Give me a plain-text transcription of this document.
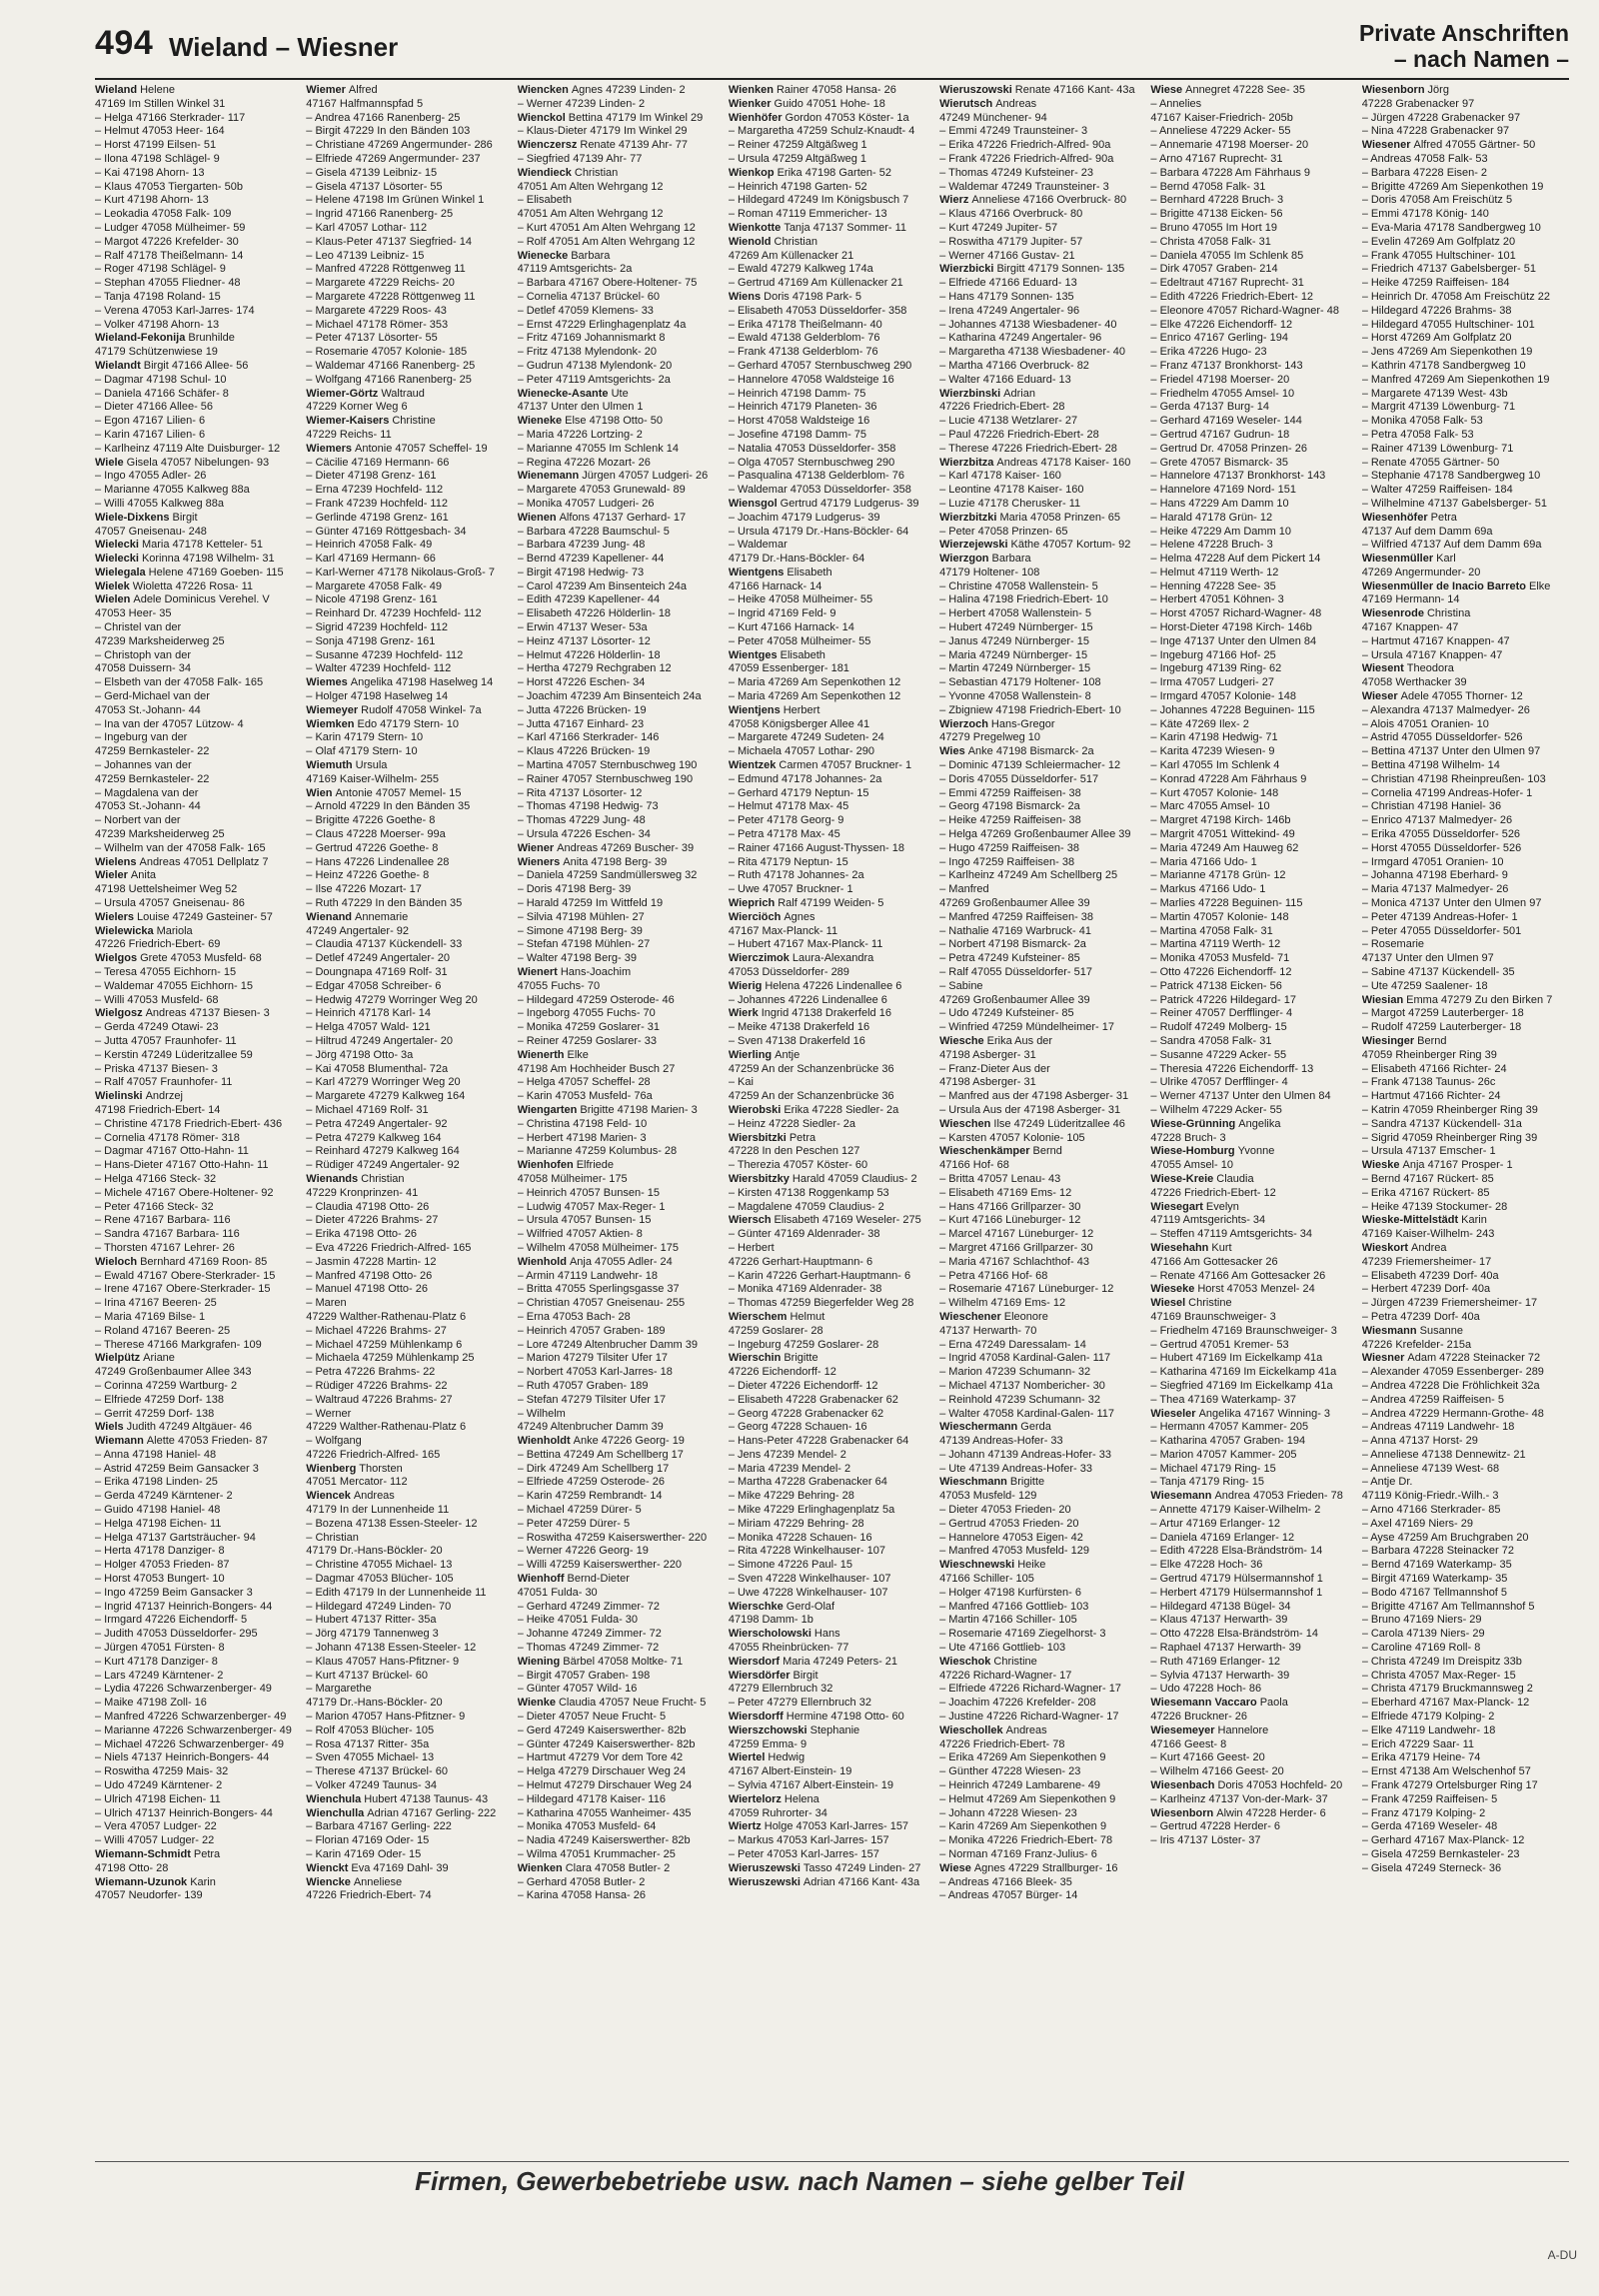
494 Wieland – Wiesner	Private Anschriften
– nach Namen –
Wieland Helene
47169 Im Stillen Winkel 31
– Helga 47166 Sterkrader- 117
– Helmut 47053 Heer- 164
– Horst 47199 Eilsen- 51
– Ilona 47198 Schlägel- 9
– Kai 47198 Ahorn- 13
– Klaus 47053 Tiergarten- 50b
– Kurt 47198 Ahorn- 13
– Leokadia 47058 Falk- 109
– Ludger 47058 Mülheimer- 59
– Margot 47226 Krefelder- 30
– Ralf 47178 Theißelmann- 14
– Roger 47198 Schlägel- 9
– Stephan 47055 Fliedner- 48
– Tanja 47198 Roland- 15
– Verena 47053 Karl-Jarres- 174
– Volker 47198 Ahorn- 13
Wieland-Fekonija Brunhilde
47179 Schützenwiese 19
Wielandt Birgit 47166 Allee- 56
– Dagmar 47198 Schul- 10
– Daniela 47166 Schäfer- 8
– Dieter 47166 Allee- 56
– Egon 47167 Lilien- 6
– Karin 47167 Lilien- 6
– Karlheinz 47119 Alte Duisburger- 12
Wiele Gisela 47057 Nibelungen- 93
– Ingo 47055 Adler- 26
– Marianne 47055 Kalkweg 88a
– Willi 47055 Kalkweg 88a
Wiele-Dixkens Birgit
47057 Gneisenau- 248
Wielecki Maria 47178 Ketteler- 51
Wielecki Korinna 47198 Wilhelm- 31
Wielegala Helene 47169 Goeben- 115
Wielek Wioletta 47226 Rosa- 11
Wielen Adele Dominicus Verehel. V
47053 Heer- 35
– Christel van der
47239 Marksheiderweg 25
– Christoph van der
47058 Duissern- 34
– Elsbeth van der 47058 Falk- 165
– Gerd-Michael van der
47053 St.-Johann- 44
– Ina van der 47057 Lützow- 4
– Ingeburg van der
47259 Bernkasteler- 22
– Johannes van der
47259 Bernkasteler- 22
– Magdalena van der
47053 St.-Johann- 44
– Norbert van der
47239 Marksheiderweg 25
– Wilhelm van der 47058 Falk- 165
Wielens Andreas 47051 Dellplatz 7
Wieler Anita
47198 Uettelsheimer Weg 52
– Ursula 47057 Gneisenau- 86
Wielers Louise 47249 Gasteiner- 57
Wielewicka Mariola
47226 Friedrich-Ebert- 69
Wielgos Grete 47053 Musfeld- 68
– Teresa 47055 Eichhorn- 15
– Waldemar 47055 Eichhorn- 15
– Willi 47053 Musfeld- 68
Wielgosz Andreas 47137 Biesen- 3
– Gerda 47249 Otawi- 23
– Jutta 47057 Fraunhofer- 11
– Kerstin 47249 Lüderitzallee 59
– Priska 47137 Biesen- 3
– Ralf 47057 Fraunhofer- 11
Wielinski Andrzej
47198 Friedrich-Ebert- 14
– Christine 47178 Friedrich-Ebert- 436
– Cornelia 47178 Römer- 318
– Dagmar 47167 Otto-Hahn- 11
– Hans-Dieter 47167 Otto-Hahn- 11
– Helga 47166 Steck- 32
– Michele 47167 Obere-Holtener- 92
– Peter 47166 Steck- 32
– Rene 47167 Barbara- 116
– Sandra 47167 Barbara- 116
– Thorsten 47167 Lehrer- 26
Wieloch Bernhard 47169 Roon- 85
– Ewald 47167 Obere-Sterkrader- 15
– Irene 47167 Obere-Sterkrader- 15
– Irina 47167 Beeren- 25
– Maria 47169 Bilse- 1
– Roland 47167 Beeren- 25
– Therese 47166 Markgrafen- 109
Wielpütz Ariane
47249 Großenbaumer Allee 343
– Corinna 47259 Wartburg- 2
– Elfriede 47259 Dorf- 138
– Gerrit 47259 Dorf- 138
Wiels Judith 47249 Altgäuer- 46
Wiemann Alette 47053 Frieden- 87
– Anna 47198 Haniel- 48
– Astrid 47259 Beim Gansacker 3
– Erika 47198 Linden- 25
– Gerda 47249 Kärntener- 2
– Guido 47198 Haniel- 48
– Helga 47198 Eichen- 11
– Helga 47137 Gartsträucher- 94
– Herta 47178 Danziger- 8
– Holger 47053 Frieden- 87
– Horst 47053 Bungert- 10
– Ingo 47259 Beim Gansacker 3
– Ingrid 47137 Heinrich-Bongers- 44
– Irmgard 47226 Eichendorff- 5
– Judith 47053 Düsseldorfer- 295
– Jürgen 47051 Fürsten- 8
– Kurt 47178 Danziger- 8
– Lars 47249 Kärntener- 2
– Lydia 47226 Schwarzenberger- 49
– Maike 47198 Zoll- 16
– Manfred 47226 Schwarzenberger- 49
– Marianne 47226 Schwarzenberger- 49
– Michael 47226 Schwarzenberger- 49
– Niels 47137 Heinrich-Bongers- 44
– Roswitha 47259 Mais- 32
– Udo 47249 Kärntener- 2
– Ulrich 47198 Eichen- 11
– Ulrich 47137 Heinrich-Bongers- 44
– Vera 47057 Ludger- 22
– Willi 47057 Ludger- 22
Wiemann-Schmidt Petra
47198 Otto- 28
Wiemann-Uzunok Karin
47057 Neudorfer- 139
Wiemer Alfred
47167 Halfmannspfad 5
– Andrea 47166 Ranenberg- 25
– Birgit 47229 In den Bänden 103
– Christiane 47269 Angermunder- 286
– Elfriede 47269 Angermunder- 237
– Gisela 47139 Leibniz- 15
– Gisela 47137 Lösorter- 55
– Helene 47198 Im Grünen Winkel 1
– Ingrid 47166 Ranenberg- 25
– Karl 47057 Lothar- 112
– Klaus-Peter 47137 Siegfried- 14
– Leo 47139 Leibniz- 15
– Manfred 47228 Röttgenweg 11
– Margarete 47229 Reichs- 20
– Margarete 47228 Röttgenweg 11
– Margarete 47229 Roos- 43
– Michael 47178 Römer- 353
– Peter 47137 Lösorter- 55
– Rosemarie 47057 Kolonie- 185
– Waldemar 47166 Ranenberg- 25
– Wolfgang 47166 Ranenberg- 25
Wiemer-Görtz Waltraud
47229 Korner Weg 6
Wiemer-Kaisers Christine
47229 Reichs- 11
Wiemers Antonie 47057 Scheffel- 19
– Cäcilie 47169 Hermann- 66
– Dieter 47198 Grenz- 161
– Erna 47239 Hochfeld- 112
– Frank 47239 Hochfeld- 112
– Gerlinde 47198 Grenz- 161
– Günter 47169 Röttgesbach- 34
– Heinrich 47058 Falk- 49
– Karl 47169 Hermann- 66
– Karl-Werner 47178 Nikolaus-Groß- 7
– Margarete 47058 Falk- 49
– Nicole 47198 Grenz- 161
– Reinhard Dr. 47239 Hochfeld- 112
– Sigrid 47239 Hochfeld- 112
– Sonja 47198 Grenz- 161
– Susanne 47239 Hochfeld- 112
– Walter 47239 Hochfeld- 112
Wiemes Angelika 47198 Haselweg 14
– Holger 47198 Haselweg 14
Wiemeyer Rudolf 47058 Winkel- 7a
Wiemken Edo 47179 Stern- 10
– Karin 47179 Stern- 10
– Olaf 47179 Stern- 10
Wiemuth Ursula
47169 Kaiser-Wilhelm- 255
Wien Antonie 47057 Memel- 15
– Arnold 47229 In den Bänden 35
– Brigitte 47226 Goethe- 8
– Claus 47228 Moerser- 99a
– Gertrud 47226 Goethe- 8
– Hans 47226 Lindenallee 28
– Heinz 47226 Goethe- 8
– Ilse 47226 Mozart- 17
– Ruth 47229 In den Bänden 35
Wienand Annemarie
47249 Angertaler- 92
– Claudia 47137 Kückendell- 33
– Detlef 47249 Angertaler- 20
– Doungnapa 47169 Rolf- 31
– Edgar 47058 Schreiber- 6
– Hedwig 47279 Worringer Weg 20
– Heinrich 47178 Karl- 14
– Helga 47057 Wald- 121
– Hiltrud 47249 Angertaler- 20
– Jörg 47198 Otto- 3a
– Kai 47058 Blumenthal- 72a
– Karl 47279 Worringer Weg 20
– Margarete 47279 Kalkweg 164
– Michael 47169 Rolf- 31
– Petra 47249 Angertaler- 92
– Petra 47279 Kalkweg 164
– Reinhard 47279 Kalkweg 164
– Rüdiger 47249 Angertaler- 92
Wienands Christian
47229 Kronprinzen- 41
– Claudia 47198 Otto- 26
– Dieter 47226 Brahms- 27
– Erika 47198 Otto- 26
– Eva 47226 Friedrich-Alfred- 165
– Jasmin 47228 Martin- 12
– Manfred 47198 Otto- 26
– Manuel 47198 Otto- 26
– Maren
47229 Walther-Rathenau-Platz 6
– Michael 47226 Brahms- 27
– Michael 47259 Mühlenkamp 6
– Michaela 47259 Mühlenkamp 25
– Petra 47226 Brahms- 22
– Rüdiger 47226 Brahms- 22
– Waltraud 47226 Brahms- 27
– Werner
47229 Walther-Rathenau-Platz 6
– Wolfgang
47226 Friedrich-Alfred- 165
Wienberg Thorsten
47051 Mercator- 112
Wiencek Andreas
47179 In der Lunnenheide 11
– Bozena 47138 Essen-Steeler- 12
– Christian
47179 Dr.-Hans-Böckler- 20
– Christine 47055 Michael- 13
– Dagmar 47053 Blücher- 105
– Edith 47179 In der Lunnenheide 11
– Hildegard 47249 Linden- 70
– Hubert 47137 Ritter- 35a
– Jörg 47179 Tannenweg 3
– Johann 47138 Essen-Steeler- 12
– Klaus 47057 Hans-Pfitzner- 9
– Kurt 47137 Brückel- 60
– Margarethe
47179 Dr.-Hans-Böckler- 20
– Marion 47057 Hans-Pfitzner- 9
– Rolf 47053 Blücher- 105
– Rosa 47137 Ritter- 35a
– Sven 47055 Michael- 13
– Therese 47137 Brückel- 60
– Volker 47249 Taunus- 34
Wienchula Hubert 47138 Taunus- 43
Wienchulla Adrian 47167 Gerling- 222
– Barbara 47167 Gerling- 222
– Florian 47169 Oder- 15
– Karin 47169 Oder- 15
Wienckt Eva 47169 Dahl- 39
Wiencke Anneliese
47226 Friedrich-Ebert- 74
Wiencken Agnes 47239 Linden- 2
– Werner 47239 Linden- 2
Wienckol Bettina 47179 Im Winkel 29
– Klaus-Dieter 47179 Im Winkel 29
Wienczersz Renate 47139 Ahr- 77
– Siegfried 47139 Ahr- 77
Wiendieck Christian
47051 Am Alten Wehrgang 12
– Elisabeth
47051 Am Alten Wehrgang 12
– Kurt 47051 Am Alten Wehrgang 12
– Rolf 47051 Am Alten Wehrgang 12
Wienecke Barbara
47119 Amtsgerichts- 2a
– Barbara 47167 Obere-Holtener- 75
– Cornelia 47137 Brückel- 60
– Detlef 47059 Klemens- 33
– Ernst 47229 Erlinghagenplatz 4a
– Fritz 47169 Johannismarkt 8
– Fritz 47138 Mylendonk- 20
– Gudrun 47138 Mylendonk- 20
– Peter 47119 Amtsgerichts- 2a
Wienecke-Asante Ute
47137 Unter den Ulmen 1
Wieneke Else 47198 Otto- 50
– Maria 47226 Lortzing- 2
– Marianne 47055 Im Schlenk 14
– Regina 47226 Mozart- 26
Wienemann Jürgen 47057 Ludgeri- 26
– Margarete 47053 Grunewald- 89
– Monika 47057 Ludgeri- 26
Wienen Alfons 47137 Gerhard- 17
– Barbara 47228 Baumschul- 5
– Barbara 47239 Jung- 48
– Bernd 47239 Kapellener- 44
– Birgit 47198 Hedwig- 73
– Carol 47239 Am Binsenteich 24a
– Edith 47239 Kapellener- 44
– Elisabeth 47226 Hölderlin- 18
– Erwin 47137 Weser- 53a
– Heinz 47137 Lösorter- 12
– Helmut 47226 Hölderlin- 18
– Hertha 47279 Rechgraben 12
– Horst 47226 Eschen- 34
– Joachim 47239 Am Binsenteich 24a
– Jutta 47226 Brücken- 19
– Jutta 47167 Einhard- 23
– Karl 47166 Sterkrader- 146
– Klaus 47226 Brücken- 19
– Martina 47057 Sternbuschweg 190
– Rainer 47057 Sternbuschweg 190
– Rita 47137 Lösorter- 12
– Thomas 47198 Hedwig- 73
– Thomas 47229 Jung- 48
– Ursula 47226 Eschen- 34
Wiener Andreas 47269 Buscher- 39
Wieners Anita 47198 Berg- 39
– Daniela 47259 Sandmüllersweg 32
– Doris 47198 Berg- 39
– Harald 47259 Im Wittfeld 19
– Silvia 47198 Mühlen- 27
– Simone 47198 Berg- 39
– Stefan 47198 Mühlen- 27
– Walter 47198 Berg- 39
Wienert Hans-Joachim
47055 Fuchs- 70
– Hildegard 47259 Osterode- 46
– Ingeborg 47055 Fuchs- 70
– Monika 47259 Goslarer- 31
– Reiner 47259 Goslarer- 33
Wienerth Elke
47198 Am Hochheider Busch 27
– Helga 47057 Scheffel- 28
– Karin 47053 Musfeld- 76a
Wiengarten Brigitte 47198 Marien- 3
– Christina 47198 Feld- 10
– Herbert 47198 Marien- 3
– Marianne 47259 Kolumbus- 28
Wienhofen Elfriede
47058 Mülheimer- 175
– Heinrich 47057 Bunsen- 15
– Ludwig 47057 Max-Reger- 1
– Ursula 47057 Bunsen- 15
– Wilfried 47057 Aktien- 8
– Wilhelm 47058 Mülheimer- 175
Wienhold Anja 47055 Adler- 24
– Armin 47119 Landwehr- 18
– Britta 47055 Sperlingsgasse 37
– Christian 47057 Gneisenau- 255
– Erna 47053 Bach- 28
– Heinrich 47057 Graben- 189
– Lore 47249 Altenbrucher Damm 39
– Marion 47279 Tilsiter Ufer 17
– Norbert 47053 Karl-Jarres- 18
– Ruth 47057 Graben- 189
– Stefan 47279 Tilsiter Ufer 17
– Wilhelm
47249 Altenbrucher Damm 39
Wienholdt Anke 47226 Georg- 19
– Bettina 47249 Am Schellberg 17
– Dirk 47249 Am Schellberg 17
– Elfriede 47259 Osterode- 26
– Karin 47259 Rembrandt- 14
– Michael 47259 Dürer- 5
– Peter 47259 Dürer- 5
– Roswitha 47259 Kaiserswerther- 220
– Werner 47226 Georg- 19
– Willi 47259 Kaiserswerther- 220
Wienhoff Bernd-Dieter
47051 Fulda- 30
– Gerhard 47249 Zimmer- 72
– Heike 47051 Fulda- 30
– Johanne 47249 Zimmer- 72
– Thomas 47249 Zimmer- 72
Wiening Bärbel 47058 Moltke- 71
– Birgit 47057 Graben- 198
– Günter 47057 Wild- 16
Wienke Claudia 47057 Neue Frucht- 5
– Dieter 47057 Neue Frucht- 5
– Gerd 47249 Kaiserswerther- 82b
– Günter 47249 Kaiserswerther- 82b
– Hartmut 47279 Vor dem Tore 42
– Helga 47279 Dirschauer Weg 24
– Helmut 47279 Dirschauer Weg 24
– Hildegard 47178 Kaiser- 116
– Katharina 47055 Wanheimer- 435
– Monika 47053 Musfeld- 64
– Nadia 47249 Kaiserswerther- 82b
– Wilma 47051 Krummacher- 25
Wienken Clara 47058 Butler- 2
– Gerhard 47058 Butler- 2
– Karina 47058 Hansa- 26
Wienken Rainer 47058 Hansa- 26
Wienker Guido 47051 Hohe- 18
Wienhöfer Gordon 47053 Köster- 1a
– Margaretha 47259 Schulz-Knaudt- 4
– Reiner 47259 Altgäßweg 1
– Ursula 47259 Altgäßweg 1
Wienkop Erika 47198 Garten- 52
– Heinrich 47198 Garten- 52
– Hildegard 47249 Im Königsbusch 7
– Roman 47119 Emmericher- 13
Wienkotte Tanja 47137 Sommer- 11
Wienold Christian
47269 Am Küllenacker 21
– Ewald 47279 Kalkweg 174a
– Gertrud 47169 Am Küllenacker 21
Wiens Doris 47198 Park- 5
– Elisabeth 47053 Düsseldorfer- 358
– Erika 47178 Theißelmann- 40
– Ewald 47138 Gelderblom- 76
– Frank 47138 Gelderblom- 76
– Gerhard 47057 Sternbuschweg 290
– Hannelore 47058 Waldsteige 16
– Heinrich 47198 Damm- 75
– Heinrich 47179 Planeten- 36
– Horst 47058 Waldsteige 16
– Josefine 47198 Damm- 75
– Natalia 47053 Düsseldorfer- 358
– Olga 47057 Sternbuschweg 290
– Pasqualina 47138 Gelderblom- 76
– Waldemar 47053 Düsseldorfer- 358
Wiensgol Gertrud 47179 Ludgerus- 39
– Joachim 47179 Ludgerus- 39
– Ursula 47179 Dr.-Hans-Böckler- 64
– Waldemar
47179 Dr.-Hans-Böckler- 64
Wientgens Elisabeth
47166 Harnack- 14
– Heike 47058 Mülheimer- 55
– Ingrid 47169 Feld- 9
– Kurt 47166 Harnack- 14
– Peter 47058 Mülheimer- 55
Wientges Elisabeth
47059 Essenberger- 181
– Maria 47269 Am Sepenkothen 12
– Maria 47269 Am Sepenkothen 12
Wientjens Herbert
47058 Königsberger Allee 41
– Margarete 47249 Sudeten- 24
– Michaela 47057 Lothar- 290
Wientzek Carmen 47057 Bruckner- 1
– Edmund 47178 Johannes- 2a
– Gerhard 47179 Neptun- 15
– Helmut 47178 Max- 45
– Peter 47178 Georg- 9
– Petra 47178 Max- 45
– Rainer 47166 August-Thyssen- 18
– Rita 47179 Neptun- 15
– Ruth 47178 Johannes- 2a
– Uwe 47057 Bruckner- 1
Wieprich Ralf 47199 Weiden- 5
Wierciöch Agnes
47167 Max-Planck- 11
– Hubert 47167 Max-Planck- 11
Wierczimok Laura-Alexandra
47053 Düsseldorfer- 289
Wierig Helena 47226 Lindenallee 6
– Johannes 47226 Lindenallee 6
Wierk Ingrid 47138 Drakerfeld 16
– Meike 47138 Drakerfeld 16
– Sven 47138 Drakerfeld 16
Wierling Antje
47259 An der Schanzenbrücke 36
– Kai
47259 An der Schanzenbrücke 36
Wierobski Erika 47228 Siedler- 2a
– Heinz 47228 Siedler- 2a
Wiersbitzki Petra
47228 In den Peschen 127
– Therezia 47057 Köster- 60
Wiersbitzky Harald 47059 Claudius- 2
– Kirsten 47138 Roggenkamp 53
– Magdalene 47059 Claudius- 2
Wiersch Elisabeth 47169 Weseler- 275
– Günter 47169 Aldenrader- 38
– Herbert
47226 Gerhart-Hauptmann- 6
– Karin 47226 Gerhart-Hauptmann- 6
– Monika 47169 Aldenrader- 38
– Thomas 47259 Biegerfelder Weg 28
Wierschem Helmut
47259 Goslarer- 28
– Ingeburg 47259 Goslarer- 28
Wierschin Brigitte
47226 Eichendorff- 12
– Dieter 47226 Eichendorff- 12
– Elisabeth 47228 Grabenacker 62
– Georg 47228 Grabenacker 62
– Georg 47228 Schauen- 16
– Hans-Peter 47228 Grabenacker 64
– Jens 47239 Mendel- 2
– Maria 47239 Mendel- 2
– Martha 47228 Grabenacker 64
– Mike 47229 Behring- 28
– Mike 47229 Erlinghagenplatz 5a
– Miriam 47229 Behring- 28
– Monika 47228 Schauen- 16
– Rita 47228 Winkelhauser- 107
– Simone 47226 Paul- 15
– Sven 47228 Winkelhauser- 107
– Uwe 47228 Winkelhauser- 107
Wierschke Gerd-Olaf
47198 Damm- 1b
Wierscholowski Hans
47055 Rheinbrücken- 77
Wiersdorf Maria 47249 Peters- 21
Wiersdörfer Birgit
47279 Ellernbruch 32
– Peter 47279 Ellernbruch 32
Wiersdorff Hermine 47198 Otto- 60
Wierszchowski Stephanie
47259 Emma- 9
Wiertel Hedwig
47167 Albert-Einstein- 19
– Sylvia 47167 Albert-Einstein- 19
Wiertelorz Helena
47059 Ruhrorter- 34
Wiertz Holge 47053 Karl-Jarres- 157
– Markus 47053 Karl-Jarres- 157
– Peter 47053 Karl-Jarres- 157
Wieruszewski Tasso 47249 Linden- 27
Wieruszewski Adrian 47166 Kant- 43a
Wieruszowski Renate 47166 Kant- 43a
Wierutsch Andreas
47249 Münchener- 94
– Emmi 47249 Traunsteiner- 3
– Erika 47226 Friedrich-Alfred- 90a
– Frank 47226 Friedrich-Alfred- 90a
– Thomas 47249 Kufsteiner- 23
– Waldemar 47249 Traunsteiner- 3
Wierz Anneliese 47166 Overbruck- 80
– Klaus 47166 Overbruck- 80
– Kurt 47249 Jupiter- 57
– Roswitha 47179 Jupiter- 57
– Werner 47166 Gustav- 21
Wierzbicki Birgitt 47179 Sonnen- 135
– Elfriede 47166 Eduard- 13
– Hans 47179 Sonnen- 135
– Irena 47249 Angertaler- 96
– Johannes 47138 Wiesbadener- 40
– Katharina 47249 Angertaler- 96
– Margaretha 47138 Wiesbadener- 40
– Martha 47166 Overbruck- 82
– Walter 47166 Eduard- 13
Wierzbinski Adrian
47226 Friedrich-Ebert- 28
– Lucie 47138 Wetzlarer- 27
– Paul 47226 Friedrich-Ebert- 28
– Therese 47226 Friedrich-Ebert- 28
Wierzbitza Andreas 47178 Kaiser- 160
– Karl 47178 Kaiser- 160
– Leontine 47178 Kaiser- 160
– Luzie 47178 Cherusker- 11
Wierzbitzki Maria 47058 Prinzen- 65
– Peter 47058 Prinzen- 65
Wierzejewski Käthe 47057 Kortum- 92
Wierzgon Barbara
47179 Holtener- 108
– Christine 47058 Wallenstein- 5
– Halina 47198 Friedrich-Ebert- 10
– Herbert 47058 Wallenstein- 5
– Hubert 47249 Nürnberger- 15
– Janus 47249 Nürnberger- 15
– Maria 47249 Nürnberger- 15
– Martin 47249 Nürnberger- 15
– Sebastian 47179 Holtener- 108
– Yvonne 47058 Wallenstein- 8
– Zbigniew 47198 Friedrich-Ebert- 10
Wierzoch Hans-Gregor
47279 Pregelweg 10
Wies Anke 47198 Bismarck- 2a
– Dominic 47139 Schleiermacher- 12
– Doris 47055 Düsseldorfer- 517
– Emmi 47259 Raiffeisen- 38
– Georg 47198 Bismarck- 2a
– Heike 47259 Raiffeisen- 38
– Helga 47269 Großenbaumer Allee 39
– Hugo 47259 Raiffeisen- 38
– Ingo 47259 Raiffeisen- 38
– Karlheinz 47249 Am Schellberg 25
– Manfred
47269 Großenbaumer Allee 39
– Manfred 47259 Raiffeisen- 38
– Nathalie 47169 Warbruck- 41
– Norbert 47198 Bismarck- 2a
– Petra 47249 Kufsteiner- 85
– Ralf 47055 Düsseldorfer- 517
– Sabine
47269 Großenbaumer Allee 39
– Udo 47249 Kufsteiner- 85
– Winfried 47259 Mündelheimer- 17
Wiesche Erika Aus der
47198 Asberger- 31
– Franz-Dieter Aus der
47198 Asberger- 31
– Manfred aus der 47198 Asberger- 31
– Ursula Aus der 47198 Asberger- 31
Wieschen Ilse 47249 Lüderitzallee 46
– Karsten 47057 Kolonie- 105
Wieschenkämper Bernd
47166 Hof- 68
– Britta 47057 Lenau- 43
– Elisabeth 47169 Ems- 12
– Hans 47166 Grillparzer- 30
– Kurt 47166 Lüneburger- 12
– Marcel 47167 Lüneburger- 12
– Margret 47166 Grillparzer- 30
– Maria 47167 Schlachthof- 43
– Petra 47166 Hof- 68
– Rosemarie 47167 Lüneburger- 12
– Wilhelm 47169 Ems- 12
Wieschener Eleonore
47137 Herwarth- 70
– Erna 47249 Daressalam- 14
– Ingrid 47058 Kardinal-Galen- 117
– Marion 47239 Schumann- 32
– Michael 47137 Nombericher- 30
– Reinhold 47239 Schumann- 32
– Walter 47058 Kardinal-Galen- 117
Wieschermann Gerda
47139 Andreas-Hofer- 33
– Johann 47139 Andreas-Hofer- 33
– Ute 47139 Andreas-Hofer- 33
Wieschmann Brigitte
47053 Musfeld- 129
– Dieter 47053 Frieden- 20
– Gertrud 47053 Frieden- 20
– Hannelore 47053 Eigen- 42
– Manfred 47053 Musfeld- 129
Wieschnewski Heike
47166 Schiller- 105
– Holger 47198 Kurfürsten- 6
– Manfred 47166 Gottlieb- 103
– Martin 47166 Schiller- 105
– Rosemarie 47169 Ziegelhorst- 3
– Ute 47166 Gottlieb- 103
Wieschok Christine
47226 Richard-Wagner- 17
– Elfriede 47226 Richard-Wagner- 17
– Joachim 47226 Krefelder- 208
– Justine 47226 Richard-Wagner- 17
Wieschollek Andreas
47226 Friedrich-Ebert- 78
– Erika 47269 Am Siepenkothen 9
– Günther 47228 Wiesen- 23
– Heinrich 47249 Lambarene- 49
– Helmut 47269 Am Siepenkothen 9
– Johann 47228 Wiesen- 23
– Karin 47269 Am Siepenkothen 9
– Monika 47226 Friedrich-Ebert- 78
– Norman 47169 Franz-Julius- 6
Wiese Agnes 47229 Strallburger- 16
– Andreas 47166 Bleek- 35
– Andreas 47057 Bürger- 14
Wiese Annegret 47228 See- 35
– Annelies
47167 Kaiser-Friedrich- 205b
– Anneliese 47229 Acker- 55
– Annemarie 47198 Moerser- 20
– Arno 47167 Ruprecht- 31
– Barbara 47228 Am Fährhaus 9
– Bernd 47058 Falk- 31
– Bernhard 47228 Bruch- 3
– Brigitte 47138 Eicken- 56
– Bruno 47055 Im Hort 19
– Christa 47058 Falk- 31
– Daniela 47055 Im Schlenk 85
– Dirk 47057 Graben- 214
– Edeltraut 47167 Ruprecht- 31
– Edith 47226 Friedrich-Ebert- 12
– Eleonore 47057 Richard-Wagner- 48
– Elke 47226 Eichendorff- 12
– Enrico 47167 Gerling- 194
– Erika 47226 Hugo- 23
– Franz 47137 Bronkhorst- 143
– Friedel 47198 Moerser- 20
– Friedhelm 47055 Amsel- 10
– Gerda 47137 Burg- 14
– Gerhard 47169 Weseler- 144
– Gertrud 47167 Gudrun- 18
– Gertrud Dr. 47058 Prinzen- 26
– Grete 47057 Bismarck- 35
– Hannelore 47137 Bronkhorst- 143
– Hannelore 47169 Nord- 151
– Hans 47229 Am Damm 10
– Harald 47178 Grün- 12
– Heike 47229 Am Damm 10
– Helene 47228 Bruch- 3
– Helma 47228 Auf dem Pickert 14
– Helmut 47119 Werth- 12
– Henning 47228 See- 35
– Herbert 47051 Köhnen- 3
– Horst 47057 Richard-Wagner- 48
– Horst-Dieter 47198 Kirch- 146b
– Inge 47137 Unter den Ulmen 84
– Ingeburg 47166 Hof- 25
– Ingeburg 47139 Ring- 62
– Irma 47057 Ludgeri- 27
– Irmgard 47057 Kolonie- 148
– Johannes 47228 Beguinen- 115
– Käte 47269 Ilex- 2
– Karin 47198 Hedwig- 71
– Karita 47239 Wiesen- 9
– Karl 47055 Im Schlenk 4
– Konrad 47228 Am Fährhaus 9
– Kurt 47057 Kolonie- 148
– Marc 47055 Amsel- 10
– Margret 47198 Kirch- 146b
– Margrit 47051 Wittekind- 49
– Maria 47249 Am Hauweg 62
– Maria 47166 Udo- 1
– Marianne 47178 Grün- 12
– Markus 47166 Udo- 1
– Marlies 47228 Beguinen- 115
– Martin 47057 Kolonie- 148
– Martina 47058 Falk- 31
– Martina 47119 Werth- 12
– Monika 47053 Musfeld- 71
– Otto 47226 Eichendorff- 12
– Patrick 47138 Eicken- 56
– Patrick 47226 Hildegard- 17
– Reiner 47057 Derfflinger- 4
– Rudolf 47249 Molberg- 15
– Sandra 47058 Falk- 31
– Susanne 47229 Acker- 55
– Theresia 47226 Eichendorff- 13
– Ulrike 47057 Derfflinger- 4
– Werner 47137 Unter den Ulmen 84
– Wilhelm 47229 Acker- 55
Wiese-Grünning Angelika
47228 Bruch- 3
Wiese-Homburg Yvonne
47055 Amsel- 10
Wiese-Kreie Claudia
47226 Friedrich-Ebert- 12
Wiesegart Evelyn
47119 Amtsgerichts- 34
– Steffen 47119 Amtsgerichts- 34
Wiesehahn Kurt
47166 Am Gottesacker 26
– Renate 47166 Am Gottesacker 26
Wieseke Horst 47053 Menzel- 24
Wiesel Christine
47169 Braunschweiger- 3
– Friedhelm 47169 Braunschweiger- 3
– Gertrud 47051 Kremer- 53
– Hubert 47169 Im Eickelkamp 41a
– Katharina 47169 Im Eickelkamp 41a
– Siegfried 47169 Im Eickelkamp 41a
– Thea 47169 Waterkamp- 37
Wieseler Angelika 47167 Winning- 3
– Hermann 47057 Kammer- 205
– Katharina 47057 Graben- 194
– Marion 47057 Kammer- 205
– Michael 47179 Ring- 15
– Tanja 47179 Ring- 15
Wiesemann Andrea 47053 Frieden- 78
– Annette 47179 Kaiser-Wilhelm- 2
– Artur 47169 Erlanger- 12
– Daniela 47169 Erlanger- 12
– Edith 47228 Elsa-Brändström- 14
– Elke 47228 Hoch- 36
– Gertrud 47179 Hülsermannshof 1
– Herbert 47179 Hülsermannshof 1
– Hildegard 47138 Bügel- 34
– Klaus 47137 Herwarth- 39
– Otto 47228 Elsa-Brändström- 14
– Raphael 47137 Herwarth- 39
– Ruth 47169 Erlanger- 12
– Sylvia 47137 Herwarth- 39
– Udo 47228 Hoch- 86
Wiesemann Vaccaro Paola
47226 Bruckner- 26
Wiesemeyer Hannelore
47166 Geest- 8
– Kurt 47166 Geest- 20
– Wilhelm 47166 Geest- 20
Wiesenbach Doris 47053 Hochfeld- 20
– Karlheinz 47137 Von-der-Mark- 37
Wiesenborn Alwin 47228 Herder- 6
– Gertrud 47228 Herder- 6
– Iris 47137 Löster- 37
Wiesenborn Jörg
47228 Grabenacker 97
– Jürgen 47228 Grabenacker 97
– Nina 47228 Grabenacker 97
Wiesener Alfred 47055 Gärtner- 50
– Andreas 47058 Falk- 53
– Barbara 47228 Eisen- 2
– Brigitte 47269 Am Siepenkothen 19
– Doris 47058 Am Freischütz 5
– Emmi 47178 König- 140
– Eva-Maria 47178 Sandbergweg 10
– Evelin 47269 Am Golfplatz 20
– Frank 47055 Hultschiner- 101
– Friedrich 47137 Gabelsberger- 51
– Heike 47259 Raiffeisen- 184
– Heinrich Dr. 47058 Am Freischütz 22
– Hildegard 47226 Brahms- 38
– Hildegard 47055 Hultschiner- 101
– Horst 47269 Am Golfplatz 20
– Jens 47269 Am Siepenkothen 19
– Kathrin 47178 Sandbergweg 10
– Manfred 47269 Am Siepenkothen 19
– Margarete 47139 West- 43b
– Margrit 47139 Löwenburg- 71
– Monika 47058 Falk- 53
– Petra 47058 Falk- 53
– Rainer 47139 Löwenburg- 71
– Renate 47055 Gärtner- 50
– Stephanie 47178 Sandbergweg 10
– Walter 47259 Raiffeisen- 184
– Wilhelmine 47137 Gabelsberger- 51
Wiesenhöfer Petra
47137 Auf dem Damm 69a
– Wilfried 47137 Auf dem Damm 69a
Wiesenmüller Karl
47269 Angermunder- 20
Wiesenmüller de Inacio Barreto Elke
47169 Hermann- 14
Wiesenrode Christina
47167 Knappen- 47
– Hartmut 47167 Knappen- 47
– Ursula 47167 Knappen- 47
Wiesent Theodora
47058 Werthacker 39
Wieser Adele 47055 Thorner- 12
– Alexandra 47137 Malmedyer- 26
– Alois 47051 Oranien- 10
– Astrid 47055 Düsseldorfer- 526
– Bettina 47137 Unter den Ulmen 97
– Bettina 47198 Wilhelm- 14
– Christian 47198 Rheinpreußen- 103
– Cornelia 47199 Andreas-Hofer- 1
– Christian 47198 Haniel- 36
– Enrico 47137 Malmedyer- 26
– Erika 47055 Düsseldorfer- 526
– Horst 47055 Düsseldorfer- 526
– Irmgard 47051 Oranien- 10
– Johanna 47198 Eberhard- 9
– Maria 47137 Malmedyer- 26
– Monica 47137 Unter den Ulmen 97
– Peter 47139 Andreas-Hofer- 1
– Peter 47055 Düsseldorfer- 501
– Rosemarie
47137 Unter den Ulmen 97
– Sabine 47137 Kückendell- 35
– Ute 47259 Saalener- 18
Wiesian Emma 47279 Zu den Birken 7
– Margot 47259 Lauterberger- 18
– Rudolf 47259 Lauterberger- 18
Wiesinger Bernd
47059 Rheinberger Ring 39
– Elisabeth 47166 Richter- 24
– Frank 47138 Taunus- 26c
– Hartmut 47166 Richter- 24
– Katrin 47059 Rheinberger Ring 39
– Sandra 47137 Kückendell- 31a
– Sigrid 47059 Rheinberger Ring 39
– Ursula 47137 Emscher- 1
Wieske Anja 47167 Prosper- 1
– Bernd 47167 Rückert- 85
– Erika 47167 Rückert- 85
– Heike 47139 Stockumer- 28
Wieske-Mittelstädt Karin
47169 Kaiser-Wilhelm- 243
Wieskort Andrea
47239 Friemersheimer- 17
– Elisabeth 47239 Dorf- 40a
– Herbert 47239 Dorf- 40a
– Jürgen 47239 Friemersheimer- 17
– Petra 47239 Dorf- 40a
Wiesmann Susanne
47226 Krefelder- 215a
Wiesner Adam 47228 Steinacker 72
– Alexander 47059 Essenberger- 289
– Andrea 47228 Die Fröhlichkeit 32a
– Andrea 47259 Raiffeisen- 5
– Andrea 47229 Hermann-Grothe- 48
– Andreas 47119 Landwehr- 18
– Anna 47137 Horst- 29
– Anneliese 47138 Dennewitz- 21
– Anneliese 47139 West- 68
– Antje Dr.
47119 König-Friedr.-Wilh.- 3
– Arno 47166 Sterkrader- 85
– Axel 47169 Niers- 29
– Ayse 47259 Am Bruchgraben 20
– Barbara 47228 Steinacker 72
– Bernd 47169 Waterkamp- 35
– Birgit 47169 Waterkamp- 35
– Bodo 47167 Tellmannshof 5
– Brigitte 47167 Am Tellmannshof 5
– Bruno 47169 Niers- 29
– Carola 47139 Niers- 29
– Caroline 47169 Roll- 8
– Christa 47249 Im Dreispitz 33b
– Christa 47057 Max-Reger- 15
– Christa 47179 Bruckmannsweg 2
– Eberhard 47167 Max-Planck- 12
– Elfriede 47179 Kolping- 2
– Elke 47119 Landwehr- 18
– Erich 47229 Saar- 11
– Erika 47179 Heine- 74
– Ernst 47138 Am Welschenhof 57
– Frank 47279 Ortelsburger Ring 17
– Frank 47259 Raiffeisen- 5
– Franz 47179 Kolping- 2
– Gerda 47169 Weseler- 48
– Gerhard 47167 Max-Planck- 12
– Gisela 47259 Bernkasteler- 23
– Gisela 47249 Sterneck- 36
Firmen, Gewerbebetriebe usw. nach Namen – siehe gelber Teil
A-DU
